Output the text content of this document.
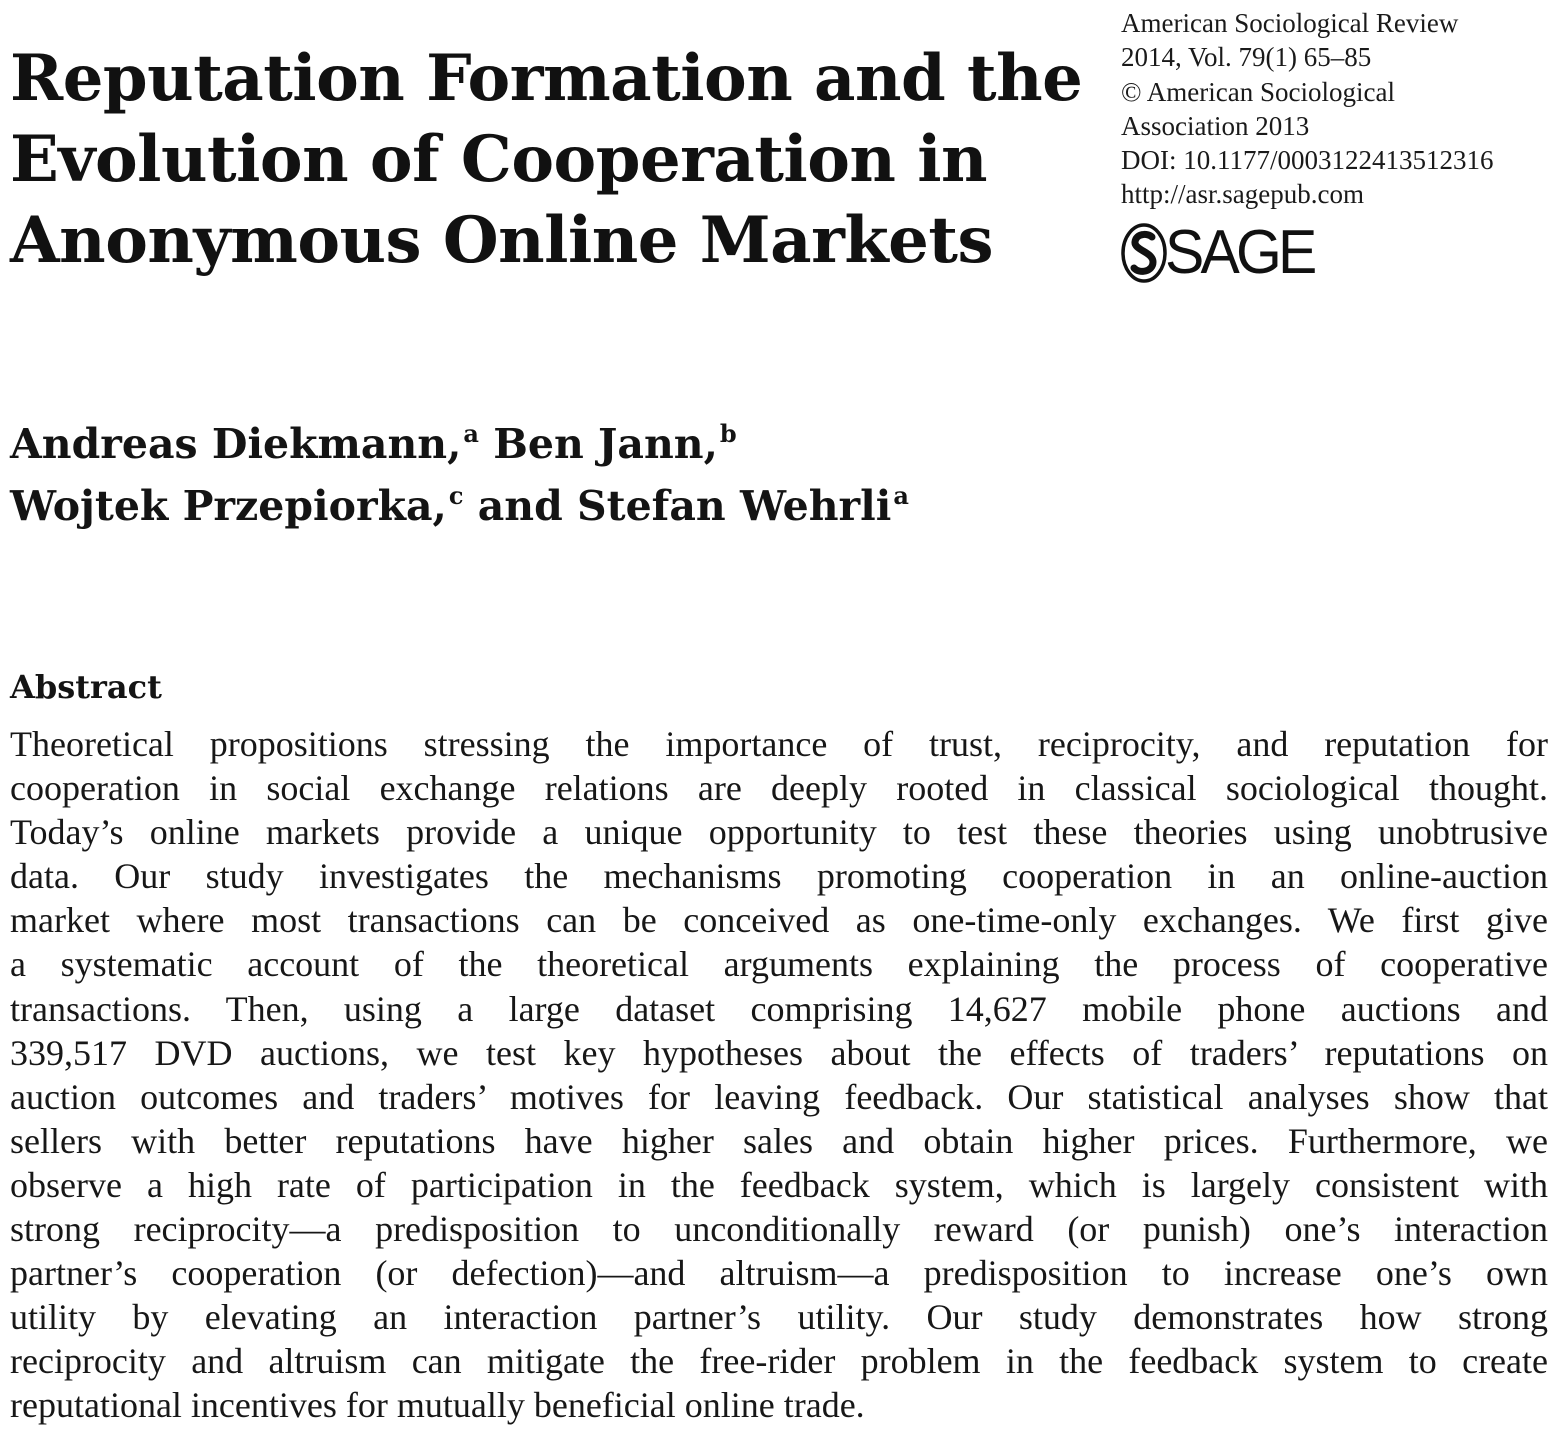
Reputation Formation and the
Evolution of Cooperation in
Anonymous Online Markets
American Sociological Review
2014, Vol. 79(1) 65–85
© American Sociological
Association 2013
DOI: 10.1177/0003122413512316
http://asr.sagepub.com
SAGE
Andreas Diekmann,$^a$ Ben Jann,$^b$
Wojtek Przepiorka,$^c$ and Stefan Wehrli$^a$
Abstract
Theoretical propositions stressing the importance of trust, reciprocity, and reputation for
cooperation in social exchange relations are deeply rooted in classical sociological thought.
Today’s online markets provide a unique opportunity to test these theories using unobtrusive
data. Our study investigates the mechanisms promoting cooperation in an online-auction
market where most transactions can be conceived as one-time-only exchanges. We first give
a systematic account of the theoretical arguments explaining the process of cooperative
transactions. Then, using a large dataset comprising 14,627 mobile phone auctions and
339,517 DVD auctions, we test key hypotheses about the effects of traders’ reputations on
auction outcomes and traders’ motives for leaving feedback. Our statistical analyses show that
sellers with better reputations have higher sales and obtain higher prices. Furthermore, we
observe a high rate of participation in the feedback system, which is largely consistent with
strong reciprocity—a predisposition to unconditionally reward (or punish) one’s interaction
partner’s cooperation (or defection)—and altruism—a predisposition to increase one’s own
utility by elevating an interaction partner’s utility. Our study demonstrates how strong
reciprocity and altruism can mitigate the free-rider problem in the feedback system to create
reputational incentives for mutually beneficial online trade.
